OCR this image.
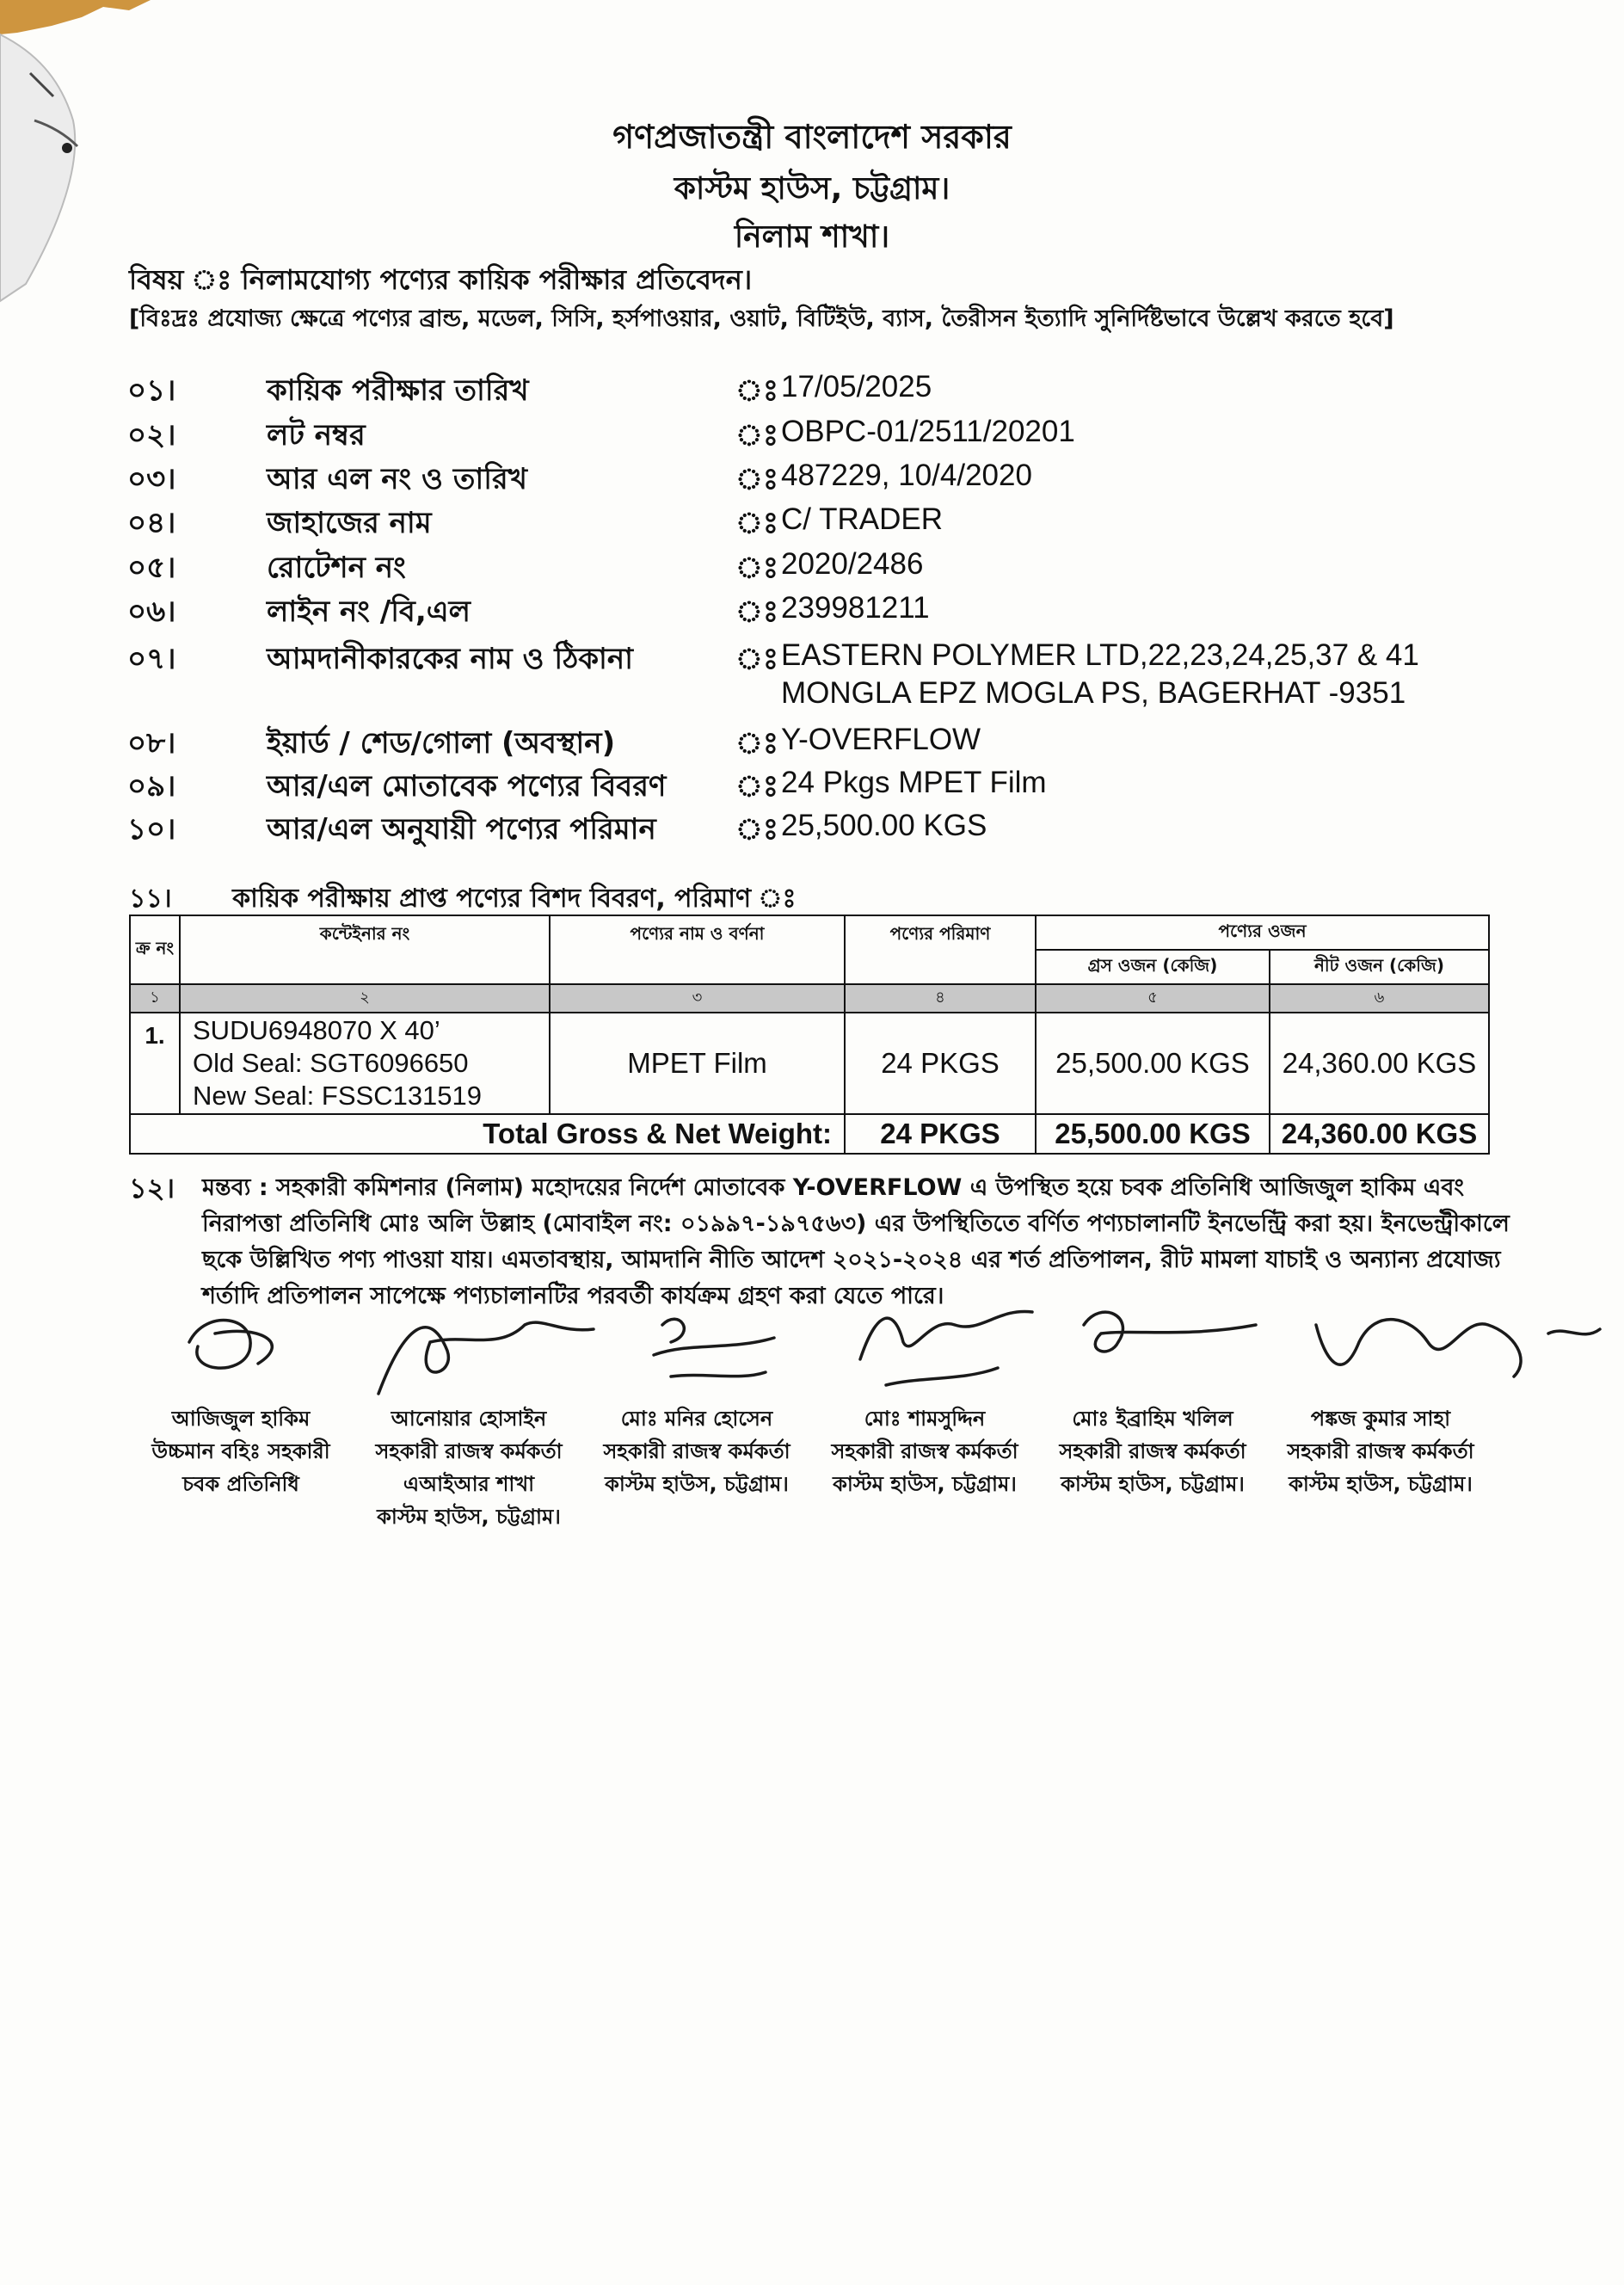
গণপ্রজাতন্ত্রী বাংলাদেশ সরকার
কাস্টম হাউস, চট্টগ্রাম।
নিলাম শাখা।
বিষয় ঃ নিলামযোগ্য পণ্যের কায়িক পরীক্ষার প্রতিবেদন।
[বিঃদ্রঃ প্রযোজ্য ক্ষেত্রে পণ্যের ব্রান্ড, মডেল, সিসি, হর্সপাওয়ার, ওয়াট, বিটিইউ, ব্যাস, তৈরীসন ইত্যাদি সুনির্দিষ্টভাবে উল্লেখ করতে হবে]
০১।	কায়িক পরীক্ষার তারিখ	ঃ 17/05/2025
০২।	লট নম্বর	ঃ OBPC-01/2511/20201
০৩।	আর এল নং ও তারিখ	ঃ 487229, 10/4/2020
০৪।	জাহাজের নাম	ঃ C/ TRADER
০৫।	রোটেশন নং	ঃ 2020/2486
০৬।	লাইন নং /বি,এল	ঃ 239981211
০৭।	আমদানীকারকের নাম ও ঠিকানা	ঃ EASTERN POLYMER LTD,22,23,24,25,37 & 41 MONGLA EPZ MOGLA PS, BAGERHAT -9351
০৮।	ইয়ার্ড / শেড/গোলা (অবস্থান)	ঃ Y-OVERFLOW
০৯।	আর/এল মোতাবেক পণ্যের বিবরণ ঃ 24 Pkgs MPET Film
১০।	আর/এল অনুযায়ী পণ্যের পরিমান	ঃ 25,500.00 KGS
১১। কায়িক পরীক্ষায় প্রাপ্ত পণ্যের বিশদ বিবরণ, পরিমাণ ঃ
ক্র নং	কন্টেইনার নং	পণ্যের নাম ও বর্ণনা	পণ্যের পরিমাণ	পণ্যের ওজন	
				গ্রস ওজন (কেজি)	নীট ওজন (কেজি)
১	২	৩	৪	৫	৬
1.	SUDU6948070 X 40’
Old Seal: SGT6096650
New Seal: FSSC131519	MPET Film	24 PKGS	25,500.00 KGS	24,360.00 KGS
Total Gross & Net Weight:			24 PKGS	25,500.00 KGS	24,360.00 KGS
১২। মন্তব্য : সহকারী কমিশনার (নিলাম) মহোদয়ের নির্দেশ মোতাবেক Y-OVERFLOW এ উপস্থিত হয়ে চবক প্রতিনিধি আজিজুল হাকিম এবং নিরাপত্তা প্রতিনিধি মোঃ অলি উল্লাহ (মোবাইল নং: ০১৯৯৭-১৯৭৫৬৩) এর উপস্থিতিতে বর্ণিত পণ্যচালানটি ইনভেন্ট্রি করা হয়। ইনভেন্ট্রীকালে ছকে উল্লিখিত পণ্য পাওয়া যায়। এমতাবস্থায়, আমদানি নীতি আদেশ ২০২১-২০২৪ এর শর্ত প্রতিপালন, রীট মামলা যাচাই ও অন্যান্য প্রযোজ্য শর্তাদি প্রতিপালন সাপেক্ষে পণ্যচালানটির পরবর্তী কার্যক্রম গ্রহণ করা যেতে পারে।
আজিজুল হাকিম
উচ্চমান বহিঃ সহকারী
চবক প্রতিনিধি
আনোয়ার হোসাইন
সহকারী রাজস্ব কর্মকর্তা
এআইআর শাখা
কাস্টম হাউস, চট্টগ্রাম।
মোঃ মনির হোসেন
সহকারী রাজস্ব কর্মকর্তা
কাস্টম হাউস, চট্টগ্রাম।
মোঃ শামসুদ্দিন
সহকারী রাজস্ব কর্মকর্তা
কাস্টম হাউস, চট্টগ্রাম।
মোঃ ইব্রাহিম খলিল
সহকারী রাজস্ব কর্মকর্তা
কাস্টম হাউস, চট্টগ্রাম।
পঙ্কজ কুমার সাহা
সহকারী রাজস্ব কর্মকর্তা
কাস্টম হাউস, চট্টগ্রাম।
